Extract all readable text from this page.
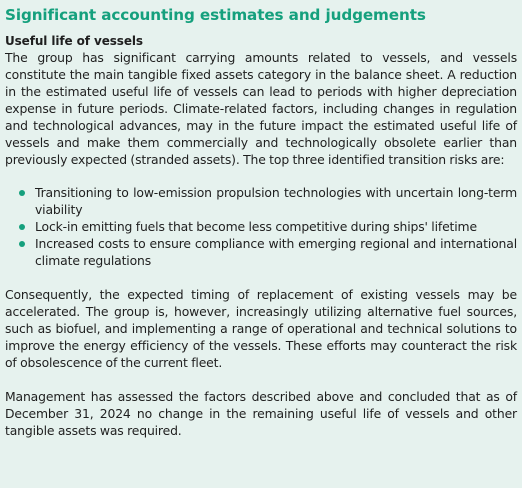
Significant accounting estimates and judgements
Useful life of vessels

The group has significant carrying amounts related to vessels, and vessels constitute the main tangible fixed assets category in the balance sheet. A reduction in the estimated useful life of vessels can lead to periods with higher depreciation expense in future periods. Climate-related factors, including changes in regulation and technological advances, may in the future impact the estimated useful life of vessels and make them commercially and technologically obsolete earlier than previously expected (stranded assets). The top three identified transition risks are:

Transitioning to low-emission propulsion technologies with uncertain long-term viability
Lock-in emitting fuels that become less competitive during ships' lifetime
Increased costs to ensure compliance with emerging regional and international climate regulations

Consequently, the expected timing of replacement of existing vessels may be accelerated. The group is, however, increasingly utilizing alternative fuel sources, such as biofuel, and implementing a range of operational and technical solutions to improve the energy efficiency of the vessels. These efforts may counteract the risk of obsolescence of the current fleet.

Management has assessed the factors described above and concluded that as of December 31, 2024 no change in the remaining useful life of vessels and other tangible assets was required.
